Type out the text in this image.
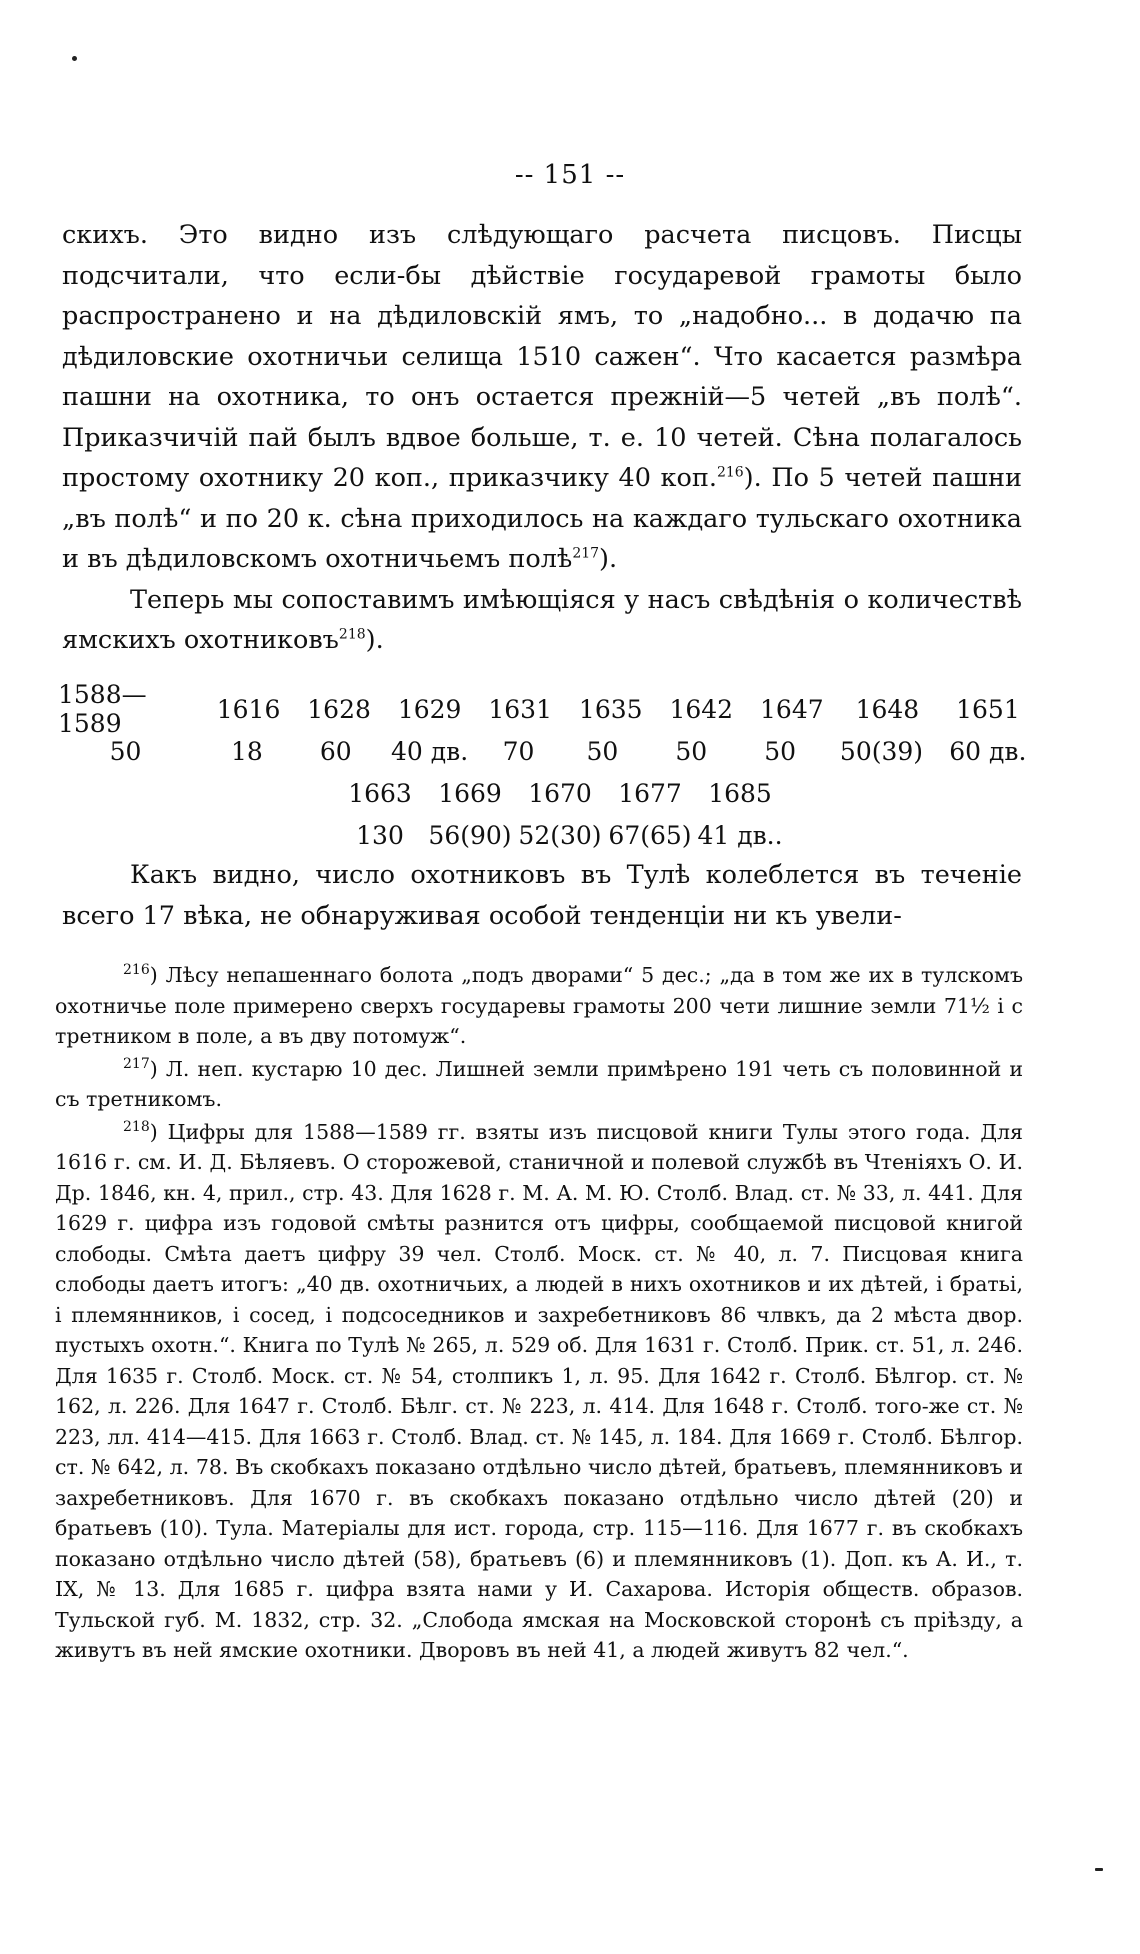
-- 151 --

скихъ. Это видно изъ слѣдующаго расчета писцовъ. Писцы подсчитали, что если-бы дѣйствіе государевой грамоты было распространено и на дѣдиловскій ямъ, то „надобно... в додачю па дѣдиловские охотничьи селища 1510 сажен“. Что касается размѣра пашни на охотника, то онъ остается прежній—5 четей „въ полѣ“. Приказчичій пай былъ вдвое больше, т. е. 10 четей. Сѣна полагалось простому охотнику 20 коп., приказчику 40 коп.$^{216}$). По 5 четей пашни „въ полѣ“ и по 20 к. сѣна приходилось на каждаго тульскаго охотника и въ дѣдиловскомъ охотничьемъ полѣ$^{217}$).

Теперь мы сопоставимъ имѣющіяся у насъ свѣдѣнія о количествѣ ямскихъ охотниковъ$^{218}$).

1588—1589	1616 1628 1629 1631 1635 1642 1647	1648	1651
50	18	60	40 дв.	70	50	50	50	50(39) 60 дв.
1663	1669	1670	1677	1685
130 56(90) 52(30) 67(65) 41 дв..

Какъ видно, число охотниковъ въ Тулѣ колеблется въ теченіе всего 17 вѣка, не обнаруживая особой тенденціи ни къ увели-

$^{216}$) Лѣсу непашеннаго болота „подъ дворами“ 5 дес.; „да в том же их в тулскомъ охотничье поле примерено сверхъ государевы грамоты 200 чети лишние земли 71½ і с третником в поле, а въ дву потомуж“.

$^{217}$) Л. неп. кустарю 10 дес. Лишней земли примѣрено 191 четь съ половинной и съ третникомъ.

$^{218}$) Цифры для 1588—1589 гг. взяты изъ писцовой книги Тулы этого года. Для 1616 г. см. И. Д. Бѣляевъ. О сторожевой, станичной и полевой службѣ въ Чтеніяхъ О. И. Др. 1846, кн. 4, прил., стр. 43. Для 1628 г. М. А. М. Ю. Столб. Влад. ст. № 33, л. 441. Для 1629 г. цифра изъ годовой смѣты разнится отъ цифры, сообщаемой писцовой книгой слободы. Смѣта даетъ цифру 39 чел. Столб. Моск. ст. № 40, л. 7. Писцовая книга слободы даетъ итогъ: „40 дв. охотничьих, а людей в нихъ охотников и их дѣтей, і братьі, і племянников, і сосед, і подсоседников и захребетниковъ 86 члвкъ, да 2 мѣста двор. пустыхъ охотн.“. Книга по Тулѣ № 265, л. 529 об. Для 1631 г. Столб. Прик. ст. 51, л. 246. Для 1635 г. Столб. Моск. ст. № 54, столпикъ 1, л. 95. Для 1642 г. Столб. Бѣлгор. ст. № 162, л. 226. Для 1647 г. Столб. Бѣлг. ст. № 223, л. 414. Для 1648 г. Столб. того-же ст. № 223, лл. 414—415. Для 1663 г. Столб. Влад. ст. № 145, л. 184. Для 1669 г. Столб. Бѣлгор. ст. № 642, л. 78. Въ скобкахъ показано отдѣльно число дѣтей, братьевъ, племянниковъ и захребетниковъ. Для 1670 г. въ скобкахъ показано отдѣльно число дѣтей (20) и братьевъ (10). Тула. Матеріалы для ист. города, стр. 115—116. Для 1677 г. въ скобкахъ показано отдѣльно число дѣтей (58), братьевъ (6) и племянниковъ (1). Доп. къ А. И., т. IX, № 13. Для 1685 г. цифра взята нами у И. Сахарова. Исторія обществ. образов. Тульской губ. М. 1832, стр. 32. „Слобода ямская на Московской сторонѣ съ пріѣзду, а живутъ въ ней ямские охотники. Дворовъ въ ней 41, а людей живутъ 82 чел.“.
